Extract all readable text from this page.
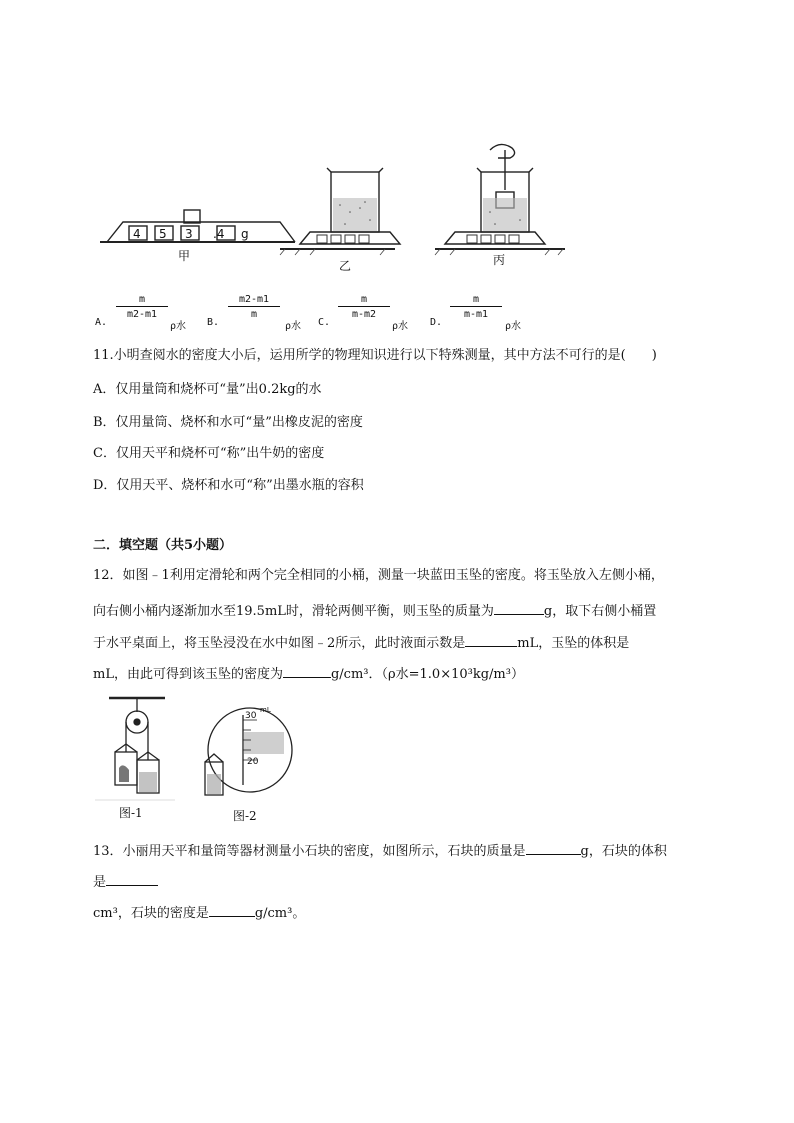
4 5 3 .4 g
甲
乙	丙
A.
$\frac{m}{m2-m1}$
ρ水 B.
$\frac{m2-m1}{m}$
ρ水 C.
$\frac{m}{m-m2}$
ρ水 D.
$\frac{m}{m-m1}$
ρ水
11.小明查阅水的密度大小后，运用所学的物理知识进行以下特殊测量，其中方法不可行的是(　　)
A．仅用量筒和烧杯可“量”出0.2kg的水
B．仅用量筒、烧杯和水可“量”出橡皮泥的密度
C．仅用天平和烧杯可“称”出牛奶的密度
D．仅用天平、烧杯和水可“称”出墨水瓶的容积
二．填空题（共5小题）
12．如图﹣1利用定滑轮和两个完全相同的小桶，测量一块蓝田玉坠的密度。将玉坠放入左侧小桶，
向右侧小桶内逐渐加水至19.5mL时，滑轮两侧平衡，则玉坠的质量为	g，取下右侧小桶置
于水平桌面上，将玉坠浸没在水中如图﹣2所示，此时液面示数是	mL，玉坠的体积是
mL，由此可得到该玉坠的密度为	g/cm³．（ρ水=1.0×10³kg/m³）
mL
30
20
图-1	图-2
13．小丽用天平和量筒等器材测量小石块的密度，如图所示，石块的质量是	g，石块的体积
是
cm³，石块的密度是	g/cm³。
